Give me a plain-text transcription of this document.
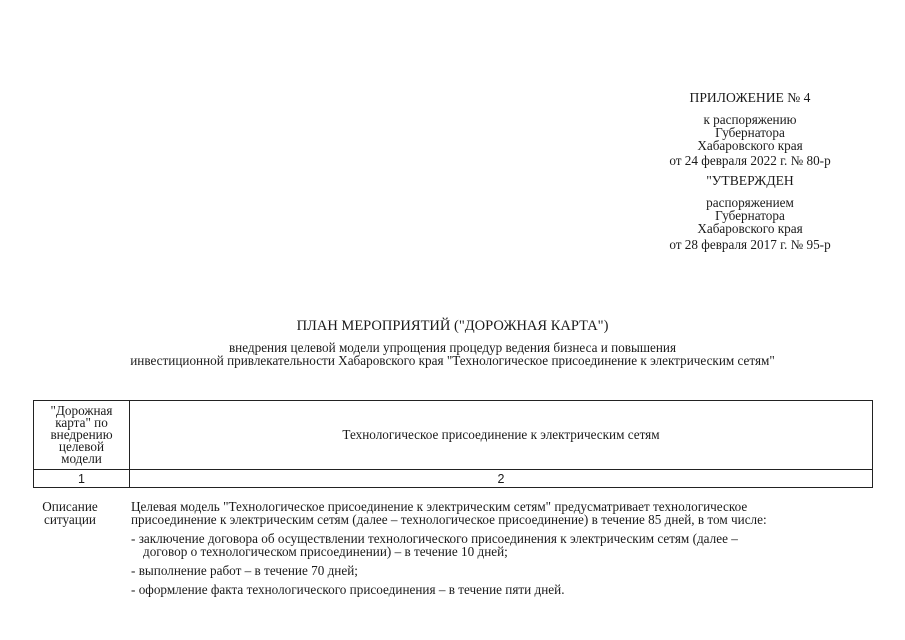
ПРИЛОЖЕНИЕ № 4
к распоряжению
Губернатора
Хабаровского края
от 24 февраля 2022 г. № 80-р
"УТВЕРЖДЕН
распоряжением
Губернатора
Хабаровского края
от 28 февраля 2017 г. № 95-р
ПЛАН МЕРОПРИЯТИЙ ("ДОРОЖНАЯ КАРТА")
внедрения целевой модели упрощения процедур ведения бизнеса и повышения
инвестиционной привлекательности Хабаровского края "Технологическое присоединение к электрическим сетям"
"Дорожная
карта" по
внедрению
целевой
модели	Технологическое присоединение к электрическим сетям
1	2
Описание
ситуации

Целевая модель "Технологическое присоединение к электрическим сетям" предусматривает технологическое
присоединение к электрическим сетям (далее – технологическое присоединение) в течение 85 дней, в том числе:

- заключение договора об осуществлении технологического присоединения к электрическим сетям (далее –
договор о технологическом присоединении) – в течение 10 дней;

- выполнение работ – в течение 70 дней;

- оформление факта технологического присоединения – в течение пяти дней.
